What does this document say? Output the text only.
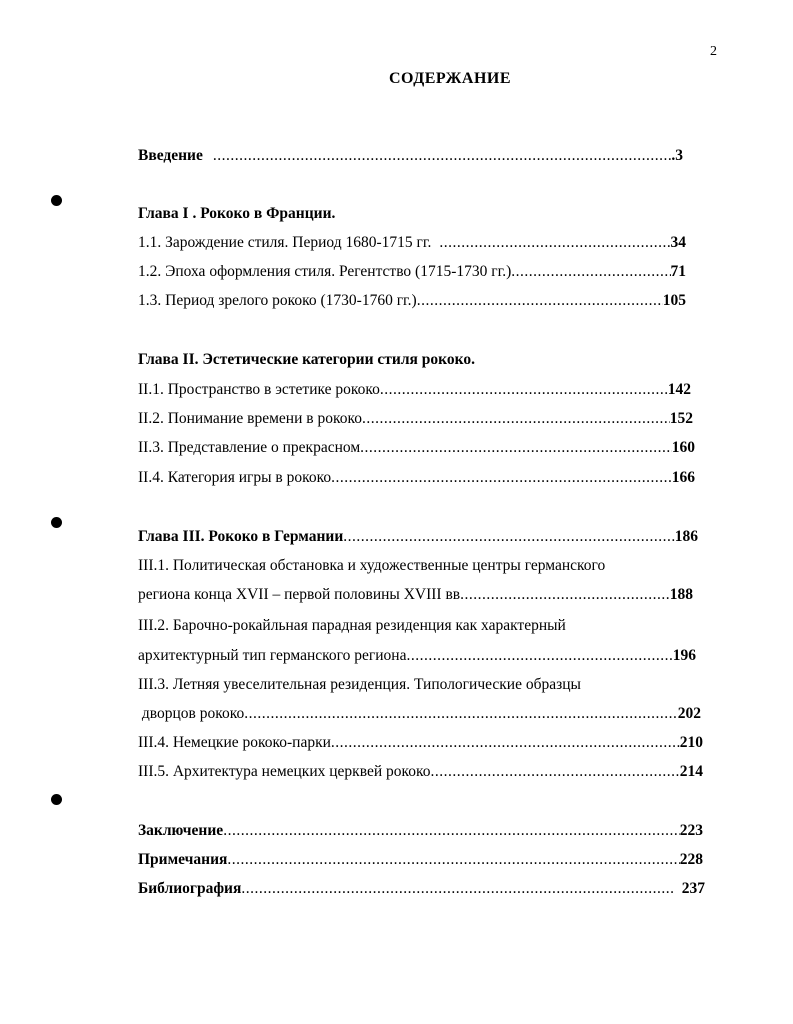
2
СОДЕРЖАНИЕ
Введение .....	.3
Глава I . Рококо в Франции.
1.1. Зарождение стиля. Период 1680-1715 гг. .....	34
1.2. Эпоха оформления стиля. Регентство (1715-1730 гг.) .....	71
1.3. Период зрелого рококо (1730-1760 гг.) .....	105
Глава II. Эстетические категории стиля рококо.
II.1. Пространство в эстетике рококо .....	142
II.2. Понимание времени в рококо .....	152
II.3. Представление о прекрасном .....	160
II.4. Категория игры в рококо .....	166
Глава III. Рококо в Германии .....	186
III.1. Политическая обстановка и художественные центры германского
региона конца XVII – первой половины XVIII вв .....	188
III.2. Барочно-рокайльная парадная резиденция как характерный
архитектурный тип германского региона .....	196
III.3. Летняя увеселительная резиденция. Типологические образцы
дворцов рококо .....	202
III.4. Немецкие рококо-парки .....	210
III.5. Архитектура немецких церквей рококо .....	214
Заключение .....	223
Примечания .....	228
Библиография .....	237
